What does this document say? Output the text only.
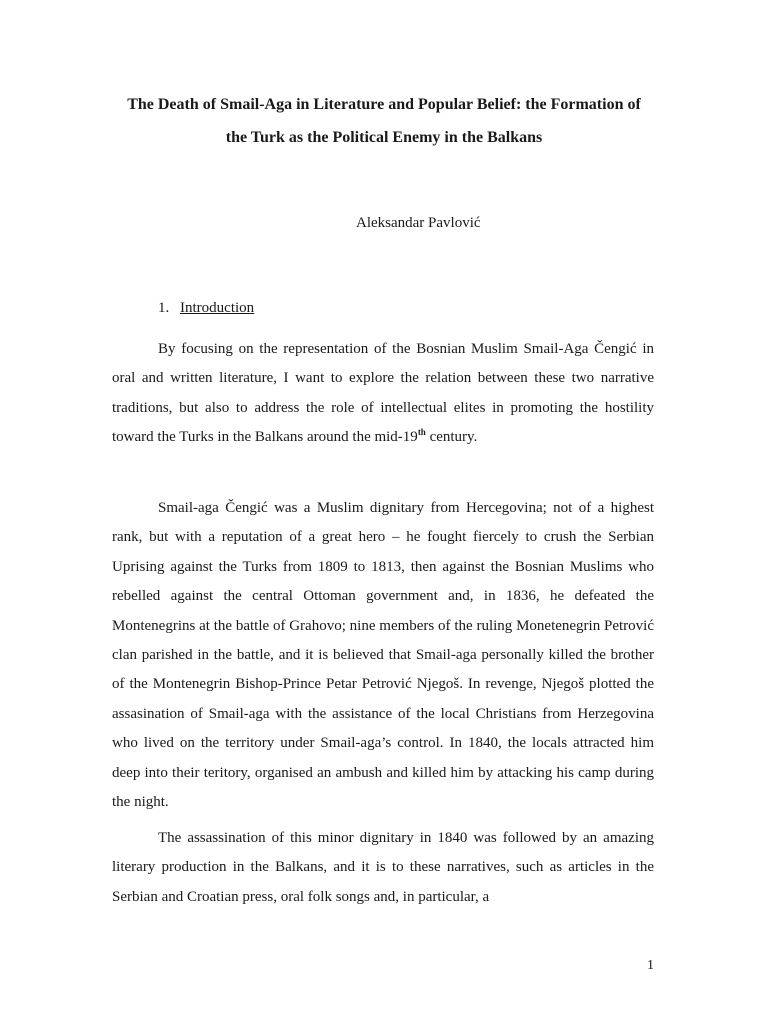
The Death of Smail-Aga in Literature and Popular Belief: the Formation of

the Turk as the Political Enemy in the Balkans

Aleksandar Pavlović

1. Introduction

By focusing on the representation of the Bosnian Muslim Smail-Aga Čengić in oral and written literature, I want to explore the relation between these two narrative traditions, but also to address the role of intellectual elites in promoting the hostility toward the Turks in the Balkans around the mid-19th century.

Smail-aga Čengić was a Muslim dignitary from Hercegovina; not of a highest rank, but with a reputation of a great hero – he fought fiercely to crush the Serbian Uprising against the Turks from 1809 to 1813, then against the Bosnian Muslims who rebelled against the central Ottoman government and, in 1836, he defeated the Montenegrins at the battle of Grahovo; nine members of the ruling Monetenegrin Petrović clan parished in the battle, and it is believed that Smail-aga personally killed the brother of the Montenegrin Bishop-Prince Petar Petrović Njegoš. In revenge, Njegoš plotted the assasination of Smail-aga with the assistance of the local Christians from Herzegovina who lived on the territory under Smail-aga’s control. In 1840, the locals attracted him deep into their teritory, organised an ambush and killed him by attacking his camp during the night.

The assassination of this minor dignitary in 1840 was followed by an amazing literary production in the Balkans, and it is to these narratives, such as articles in the Serbian and Croatian press, oral folk songs and, in particular, a

1
